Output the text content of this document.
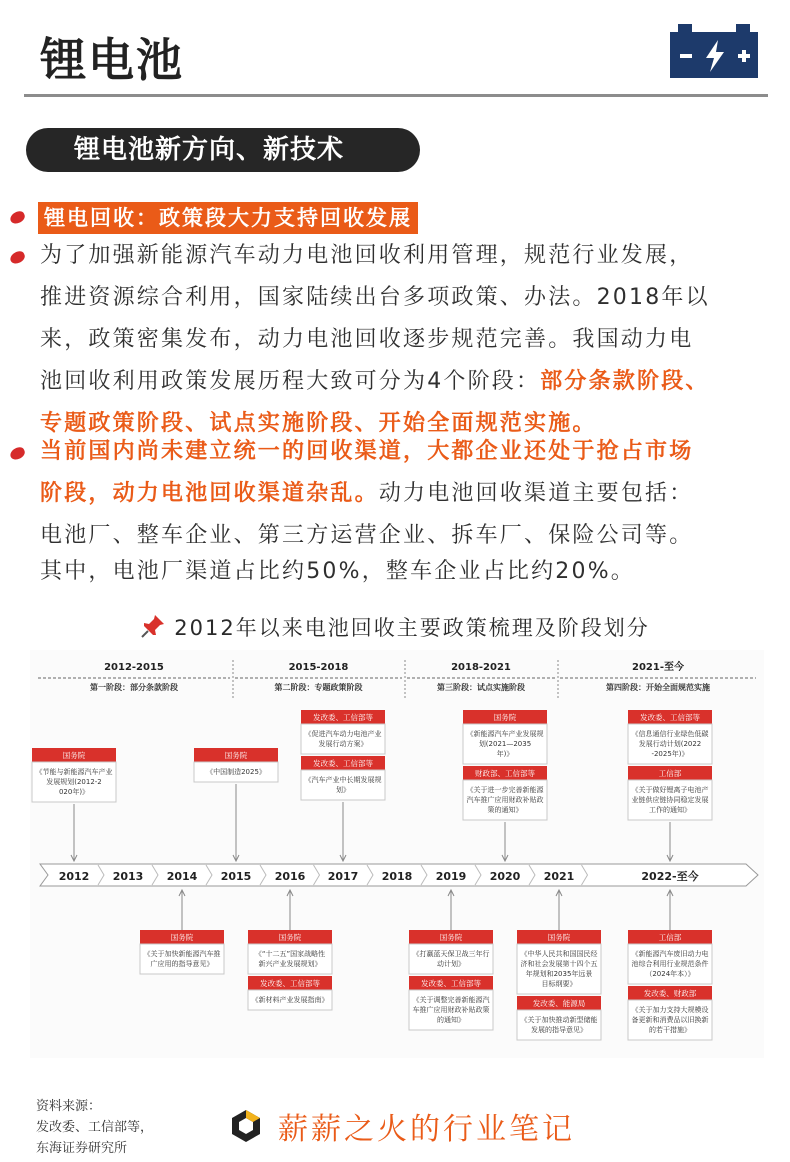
锂电池
锂电池新方向、新技术
锂电回收：政策段大力支持回收发展
为了加强新能源汽车动力电池回收利用管理，规范行业发展，
推进资源综合利用，国家陆续出台多项政策、办法。2018年以
来，政策密集发布，动力电池回收逐步规范完善。我国动力电
池回收利用政策发展历程大致可分为4个阶段：部分条款阶段、
专题政策阶段、试点实施阶段、开始全面规范实施。
当前国内尚未建立统一的回收渠道，大都企业还处于抢占市场
阶段，动力电池回收渠道杂乱。动力电池回收渠道主要包括：
电池厂、整车企业、第三方运营企业、拆车厂、保险公司等。
其中，电池厂渠道占比约50%，整车企业占比约20%。
2012年以来电池回收主要政策梳理及阶段划分
2012-2015
第一阶段：部分条款阶段
2015-2018
第二阶段：专题政策阶段
2018-2021
第三阶段：试点实施阶段
2021-至今
第四阶段：开始全面规范实施
2012 2013 2014 2015 2016 2017 2018 2019 2020 2021	2022-至今
国务院
《节能与新能源汽车产业
发展规划(2012-2
020年)》
国务院
《中国制造2025》
发改委、工信部等
《促进汽车动力电池产业
发展行动方案》
发改委、工信部等
《汽车产业中长期发展规
划》
国务院
《新能源汽车产业发展规
划(2021—2035
年)》
财政部、工信部等
《关于进一步完善新能源
汽车推广应用财政补贴政
策的通知》
发改委、工信部等
《信息通信行业绿色低碳
发展行动计划(2022
-2025年)》
工信部
《关于做好锂离子电池产
业链供应链协同稳定发展
工作的通知》
国务院
《关于加快新能源汽车推
广应用的指导意见》
国务院
《“十二五”国家战略性
新兴产业发展规划》
发改委、工信部等
《新材料产业发展指南》
国务院
《打赢蓝天保卫战三年行
动计划》
发改委、工信部等
《关于调整完善新能源汽
车推广应用财政补贴政策
的通知》
国务院
《中华人民共和国国民经
济和社会发展第十四个五
年规划和2035年远景
目标纲要》
发改委、能源局
《关于加快推动新型储能
发展的指导意见》
工信部
《新能源汽车废旧动力电
池综合利用行业规范条件
（2024年本）》
发改委、财政部
《关于加力支持大规模设
备更新和消费品以旧换新
的若干措施》
资料来源：
发改委、工信部等，
东海证券研究所
薪薪之火的行业笔记
